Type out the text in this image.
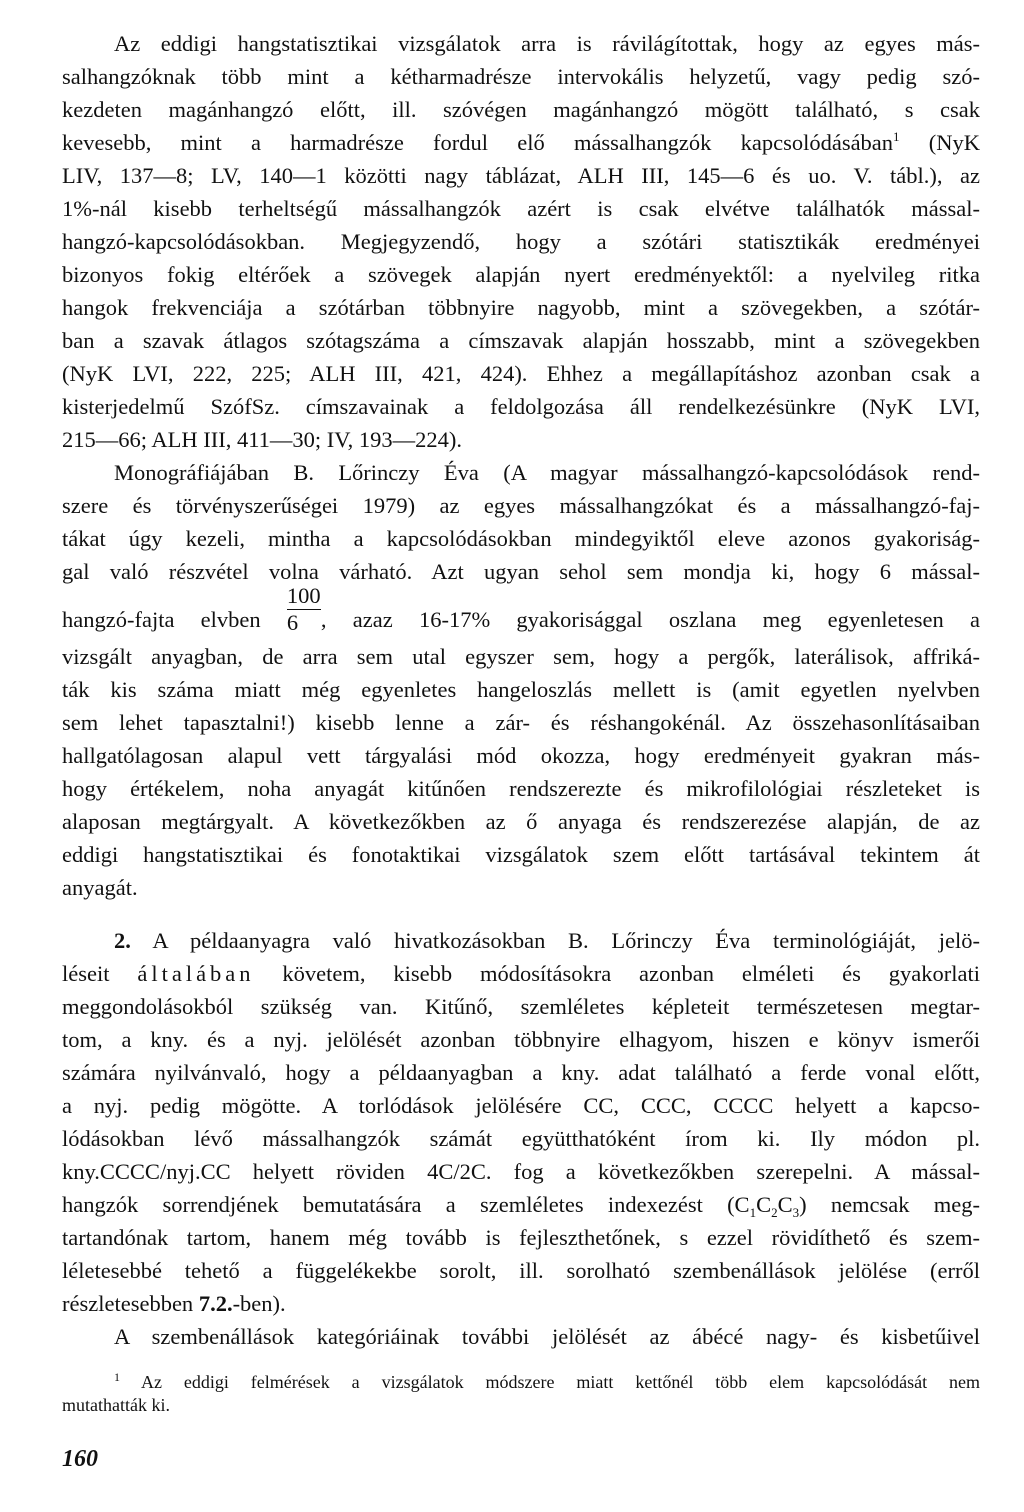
Az eddigi hangstatisztikai vizsgálatok arra is rávilágítottak, hogy az egyes más-
salhangzóknak több mint a kétharmadrésze intervokális helyzetű, vagy pedig szó-
kezdeten magánhangzó előtt, ill. szóvégen magánhangzó mögött található, s csak
kevesebb, mint a harmadrésze fordul elő mássalhangzók kapcsolódásában$^1$ (NyK
LIV, 137—8; LV, 140—1 közötti nagy táblázat, ALH III, 145—6 és uo. V. tábl.), az
1%-nál kisebb terheltségű mássalhangzók azért is csak elvétve találhatók mással-
hangzó-kapcsolódásokban. Megjegyzendő, hogy a szótári statisztikák eredményei
bizonyos fokig eltérőek a szövegek alapján nyert eredményektől: a nyelvileg ritka
hangok frekvenciája a szótárban többnyire nagyobb, mint a szövegekben, a szótár-
ban a szavak átlagos szótagszáma a címszavak alapján hosszabb, mint a szövegekben
(NyK LVI, 222, 225; ALH III, 421, 424). Ehhez a megállapításhoz azonban csak a
kisterjedelmű SzófSz. címszavainak a feldolgozása áll rendelkezésünkre (NyK LVI,
215—66; ALH III, 411—30; IV, 193—224).
Monográfiájában B. Lőrinczy Éva (A magyar mássalhangzó-kapcsolódások rend-
szere és törvényszerűségei 1979) az egyes mássalhangzókat és a mássalhangzó-faj-
tákat úgy kezeli, mintha a kapcsolódásokban mindegyiktől eleve azonos gyakoriság-
gal való részvétel volna várható. Azt ugyan sehol sem mondja ki, hogy 6 mással-
hangzó-fajta elvben $\frac{100}{6}$ , azaz 16-17% gyakorisággal oszlana meg egyenletesen a
vizsgált anyagban, de arra sem utal egyszer sem, hogy a pergők, laterálisok, affriká-
ták kis száma miatt még egyenletes hangeloszlás mellett is (amit egyetlen nyelvben
sem lehet tapasztalni!) kisebb lenne a zár- és réshangokénál. Az összehasonlításaiban
hallgatólagosan alapul vett tárgyalási mód okozza, hogy eredményeit gyakran más-
hogy értékelem, noha anyagát kitűnően rendszerezte és mikrofilológiai részleteket is
alaposan megtárgyalt. A következőkben az ő anyaga és rendszerezése alapján, de az
eddigi hangstatisztikai és fonotaktikai vizsgálatok szem előtt tartásával tekintem át
anyagát.
2. A példaanyagra való hivatkozásokban B. Lőrinczy Éva terminológiáját, jelö-
léseit általában követem, kisebb módosításokra azonban elméleti és gyakorlati
meggondolásokból szükség van. Kitűnő, szemléletes képleteit természetesen megtar-
tom, a kny. és a nyj. jelölését azonban többnyire elhagyom, hiszen e könyv ismerői
számára nyilvánvaló, hogy a példaanyagban a kny. adat található a ferde vonal előtt,
a nyj. pedig mögötte. A torlódások jelölésére CC, CCC, CCCC helyett a kapcso-
lódásokban lévő mássalhangzók számát együtthatóként írom ki. Ily módon pl.
kny.CCCC/nyj.CC helyett röviden 4C/2C. fog a következőkben szerepelni. A mással-
hangzók sorrendjének bemutatására a szemléletes indexezést $(C_1C_2C_3)$ nemcsak meg-
tartandónak tartom, hanem még tovább is fejleszthetőnek, s ezzel rövidíthető és szem-
léletesebbé tehető a függelékekbe sorolt, ill. sorolható szembenállások jelölése (erről
részletesebben 7.2.-ben).
A szembenállások kategóriáinak további jelölését az ábécé nagy- és kisbetűivel
$^1$ Az eddigi felmérések a vizsgálatok módszere miatt kettőnél több elem kapcsolódását nem
mutathatták ki.
160
